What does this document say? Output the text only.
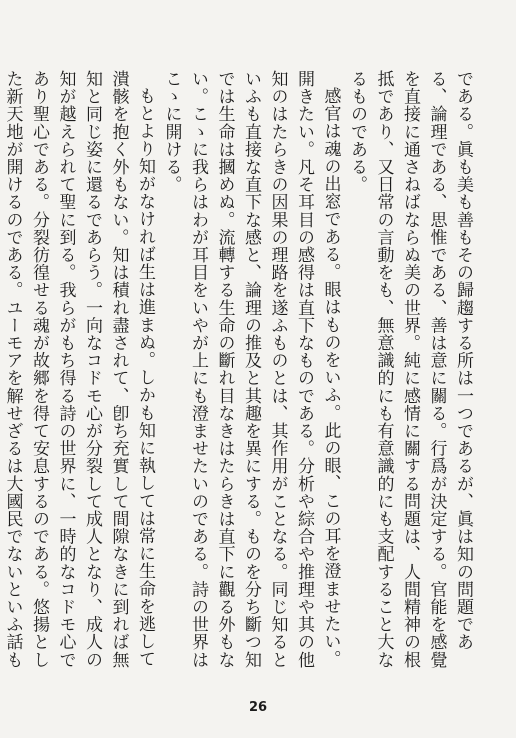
である。眞も美も善もその歸趨する所は一つであるが、眞は知の問題である、論理である、思惟である、善は意に關る。行爲が決定する。官能を感覺を直接に通さねばならぬ美の世界。純に感情に關する問題は、人間精神の根抵であり、又日常の言動をも、無意識的にも有意識的にも支配すること大なるものである。

感官は魂の出窓である。眼はものをいふ。此の眼、この耳を澄ませたい。開きたい。凡そ耳目の感得は直下なものである。分析や綜合や推理や其の他知のはたらきの因果の理路を遂ふものとは、其作用がことなる。同じ知るといふも直接な直下な感と、論理の推及と其趣を異にする。ものを分ち斷つ知では生命は摑めぬ。流轉する生命の斷れ目なきはたらきは直下に觀る外もない。こゝに我らはわが耳目をいやが上にも澄ませたいのである。詩の世界はこゝに開ける。

もとより知がなければ生は進まぬ。しかも知に執しては常に生命を逃して潰骸を抱く外もない。知は積れ盡されて、卽ち充實して間隙なきに到れば無知と同じ姿に還るであらう。一向なコドモ心が分裂して成人となり、成人の知が越えられて聖に到る。我らがもち得る詩の世界に、一時的なコドモ心であり聖心である。分裂彷徨せる魂が故郷を得て安息するのである。悠揚とした新天地が開けるのである。ユーモアを解せざるは大國民でないといふ話も

26
